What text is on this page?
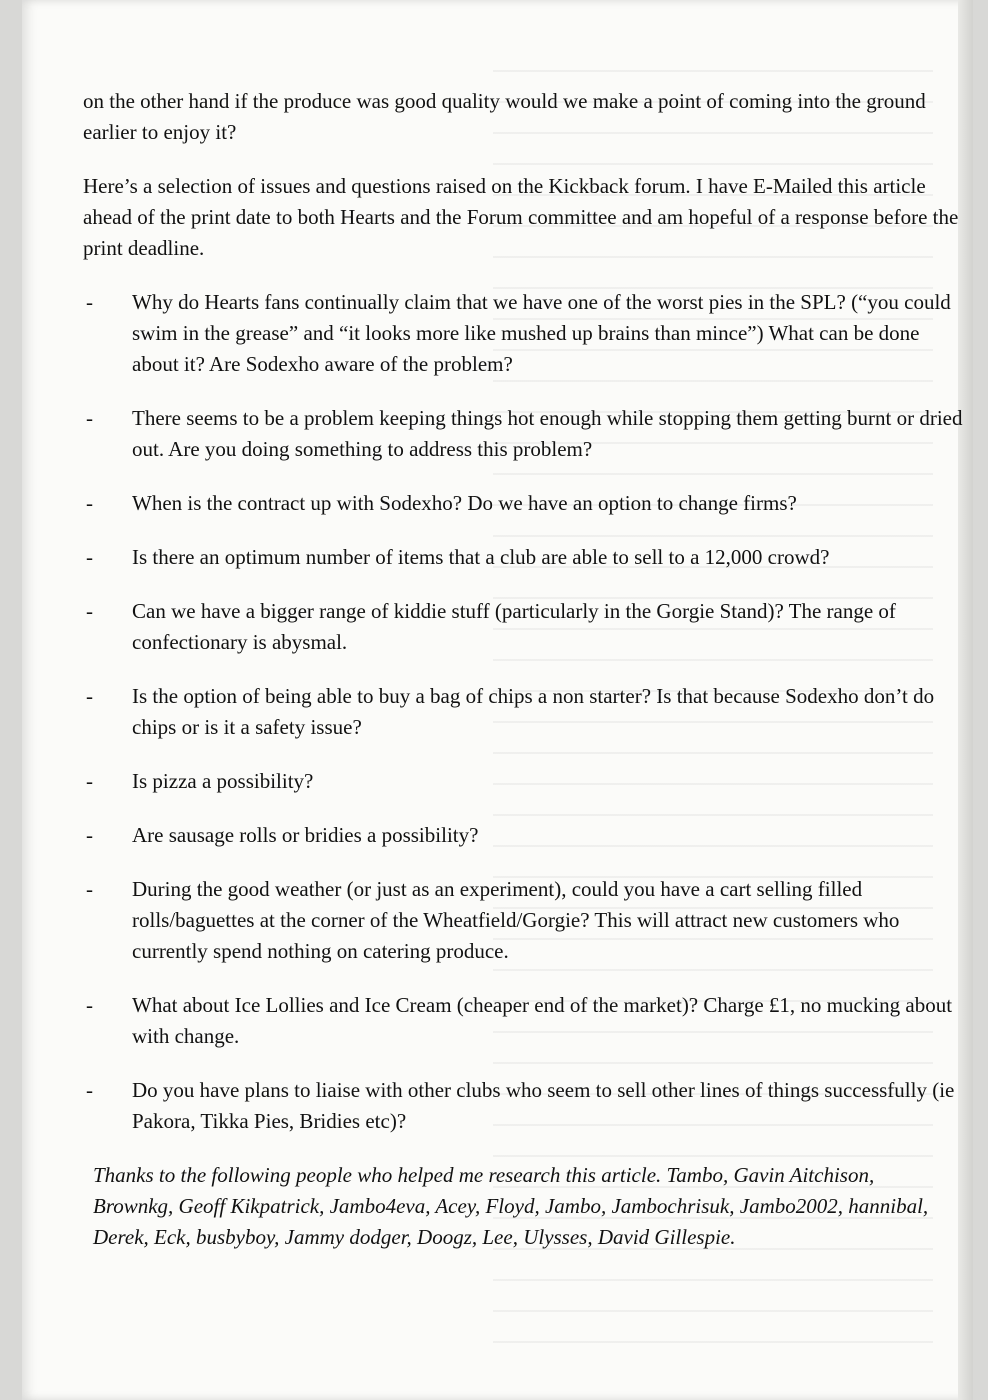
on the other hand if the produce was good quality would we make a point of coming into the ground earlier to enjoy it?

Here’s a selection of issues and questions raised on the Kickback forum. I have E-Mailed this article ahead of the print date to both Hearts and the Forum committee and am hopeful of a response before the print deadline.

-	Why do Hearts fans continually claim that we have one of the worst pies in the SPL? (“you could swim in the grease” and “it looks more like mushed up brains than mince”) What can be done about it? Are Sodexho aware of the problem?
-	There seems to be a problem keeping things hot enough while stopping them getting burnt or dried out. Are you doing something to address this problem?
-	When is the contract up with Sodexho? Do we have an option to change firms?
-	Is there an optimum number of items that a club are able to sell to a 12,000 crowd?
-	Can we have a bigger range of kiddie stuff (particularly in the Gorgie Stand)? The range of confectionary is abysmal.
-	Is the option of being able to buy a bag of chips a non starter? Is that because Sodexho don’t do chips or is it a safety issue?
-	Is pizza a possibility?
-	Are sausage rolls or bridies a possibility?
-	During the good weather (or just as an experiment), could you have a cart selling filled rolls/baguettes at the corner of the Wheatfield/Gorgie? This will attract new customers who currently spend nothing on catering produce.
-	What about Ice Lollies and Ice Cream (cheaper end of the market)? Charge £1, no mucking about with change.
-	Do you have plans to liaise with other clubs who seem to sell other lines of things successfully (ie Pakora, Tikka Pies, Bridies etc)?

Thanks to the following people who helped me research this article. Tambo, Gavin Aitchison, Brownkg, Geoff Kikpatrick, Jambo4eva, Acey, Floyd, Jambo, Jambochrisuk, Jambo2002, hannibal, Derek, Eck, busbyboy, Jammy dodger, Doogz, Lee, Ulysses, David Gillespie.
